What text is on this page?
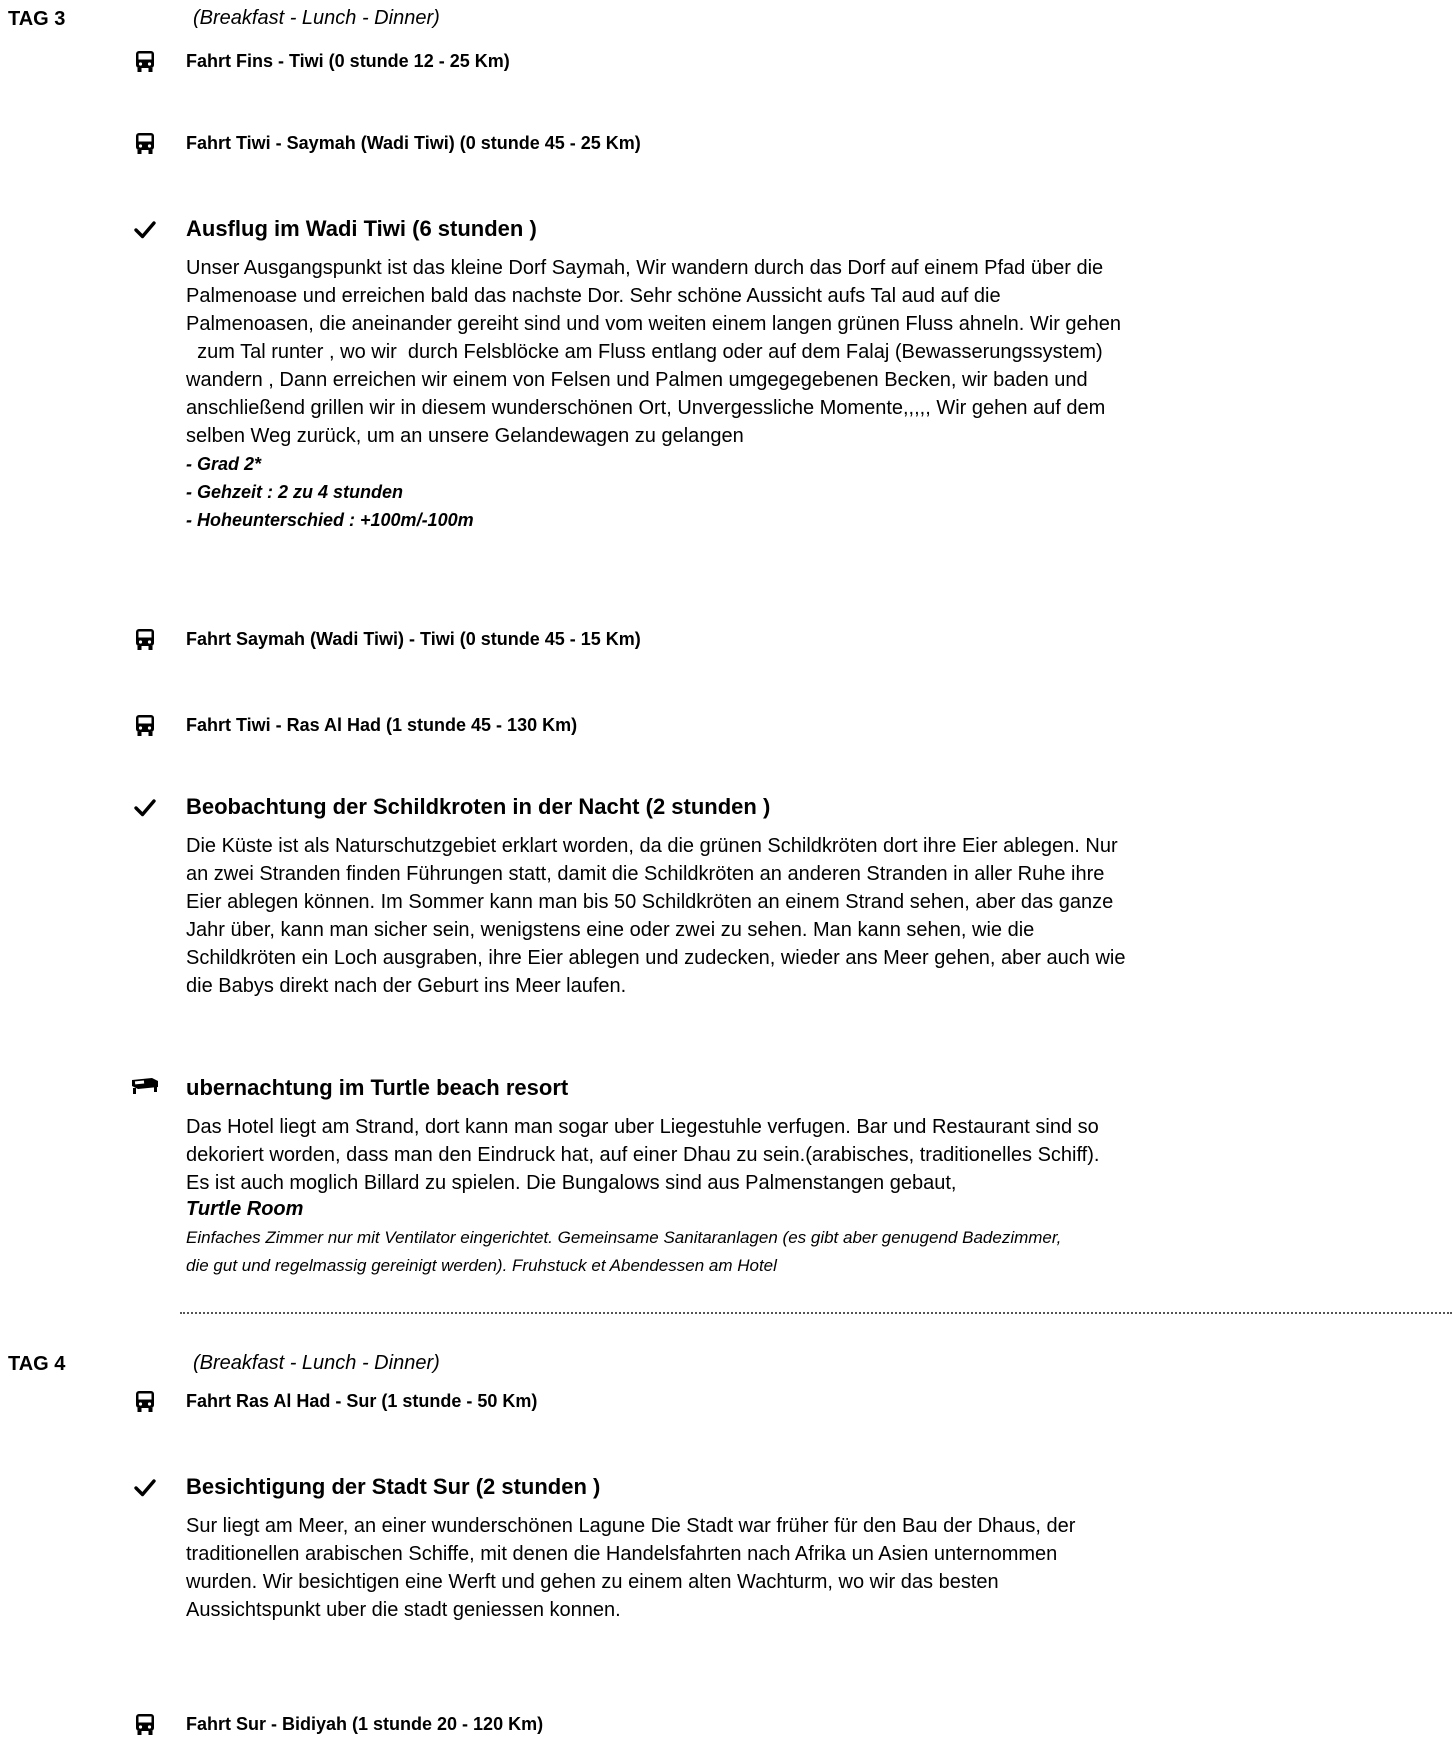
TAG 3	(Breakfast - Lunch - Dinner)
Fahrt Fins - Tiwi (0 stunde 12 - 25 Km)
Fahrt Tiwi - Saymah (Wadi Tiwi) (0 stunde 45 - 25 Km)
Ausflug im Wadi Tiwi (6 stunden )

Unser Ausgangspunkt ist das kleine Dorf Saymah, Wir wandern durch das Dorf auf einem Pfad über die

Palmenoase und erreichen bald das nachste Dor. Sehr schöne Aussicht aufs Tal aud auf die

Palmenoasen, die aneinander gereiht sind und vom weiten einem langen grünen Fluss ahneln. Wir gehen

zum Tal runter , wo wir  durch Felsblöcke am Fluss entlang oder auf dem Falaj (Bewasserungssystem)

wandern , Dann erreichen wir einem von Felsen und Palmen umgegegebenen Becken, wir baden und

anschließend grillen wir in diesem wunderschönen Ort, Unvergessliche Momente,,,,, Wir gehen auf dem

selben Weg zurück, um an unsere Gelandewagen zu gelangen

- Grad 2*
- Gehzeit : 2 zu 4 stunden
- Hoheunterschied : +100m/-100m
Fahrt Saymah (Wadi Tiwi) - Tiwi (0 stunde 45 - 15 Km)
Fahrt Tiwi - Ras Al Had (1 stunde 45 - 130 Km)
Beobachtung der Schildkroten in der Nacht (2 stunden )

Die Küste ist als Naturschutzgebiet erklart worden, da die grünen Schildkröten dort ihre Eier ablegen. Nur

an zwei Stranden finden Führungen statt, damit die Schildkröten an anderen Stranden in aller Ruhe ihre

Eier ablegen können. Im Sommer kann man bis 50 Schildkröten an einem Strand sehen, aber das ganze

Jahr über, kann man sicher sein, wenigstens eine oder zwei zu sehen. Man kann sehen, wie die

Schildkröten ein Loch ausgraben, ihre Eier ablegen und zudecken, wieder ans Meer gehen, aber auch wie

die Babys direkt nach der Geburt ins Meer laufen.

ubernachtung im Turtle beach resort

Das Hotel liegt am Strand, dort kann man sogar uber Liegestuhle verfugen. Bar und Restaurant sind so

dekoriert worden, dass man den Eindruck hat, auf einer Dhau zu sein.(arabisches, traditionelles Schiff).

Es ist auch moglich Billard zu spielen. Die Bungalows sind aus Palmenstangen gebaut,

Turtle Room
Einfaches Zimmer nur mit Ventilator eingerichtet. Gemeinsame Sanitaranlagen (es gibt aber genugend Badezimmer,
die gut und regelmassig gereinigt werden). Fruhstuck et Abendessen am Hotel
TAG 4	(Breakfast - Lunch - Dinner)
Fahrt Ras Al Had - Sur (1 stunde - 50 Km)
Besichtigung der Stadt Sur (2 stunden )

Sur liegt am Meer, an einer wunderschönen Lagune Die Stadt war früher für den Bau der Dhaus, der

traditionellen arabischen Schiffe, mit denen die Handelsfahrten nach Afrika un Asien unternommen

wurden. Wir besichtigen eine Werft und gehen zu einem alten Wachturm, wo wir das besten

Aussichtspunkt uber die stadt geniessen konnen.

Fahrt Sur - Bidiyah (1 stunde 20 - 120 Km)
